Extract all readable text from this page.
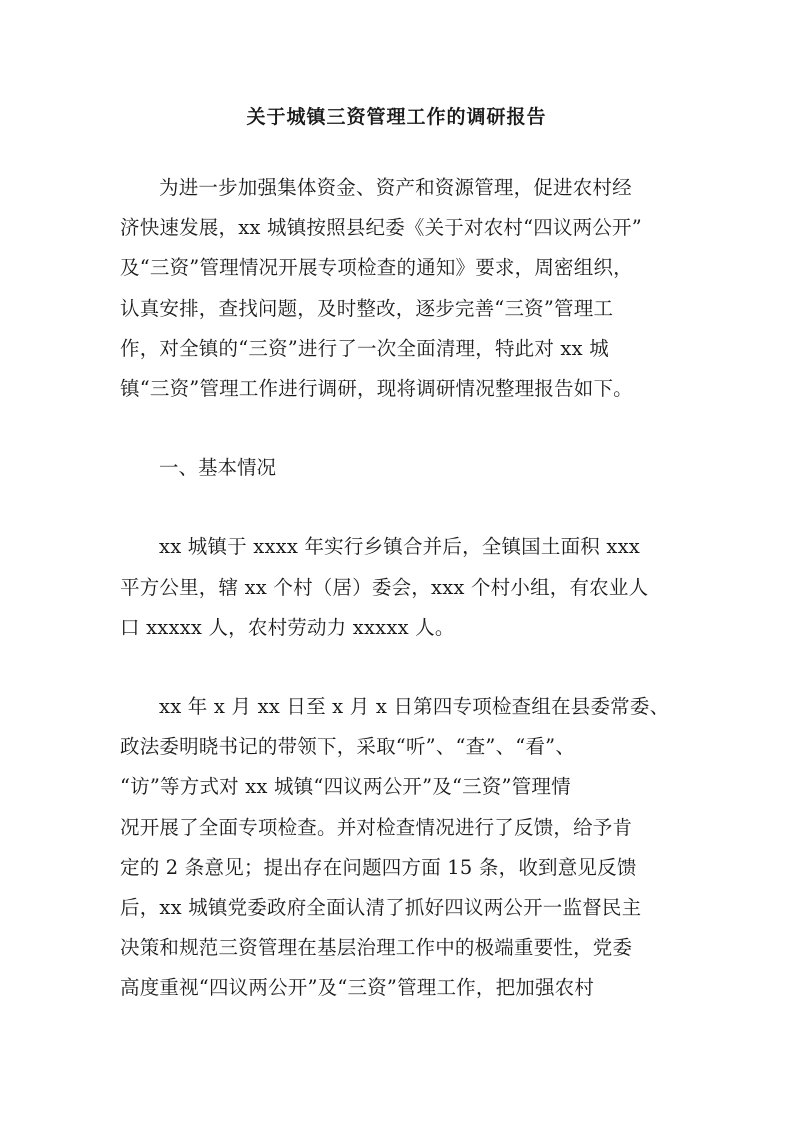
关于城镇三资管理工作的调研报告

为进一步加强集体资金、资产和资源管理，促进农村经
济快速发展，xx 城镇按照县纪委《关于对农村“四议两公开”
及“三资”管理情况开展专项检查的通知》要求，周密组织，
认真安排，查找问题，及时整改，逐步完善“三资”管理工
作，对全镇的“三资”进行了一次全面清理，特此对 xx 城
镇“三资”管理工作进行调研，现将调研情况整理报告如下。

一、基本情况

xx 城镇于 xxxx 年实行乡镇合并后，全镇国土面积 xxx
平方公里，辖 xx 个村（居）委会，xxx 个村小组，有农业人
口 xxxxx 人，农村劳动力 xxxxx 人。

xx 年 x 月 xx 日至 x 月 x 日第四专项检查组在县委常委、
政法委明晓书记的带领下，采取“听”、“查”、“看”、
“访”等方式对 xx 城镇“四议两公开”及“三资”管理情
况开展了全面专项检查。并对检查情况进行了反馈，给予肯
定的 2 条意见；提出存在问题四方面 15 条，收到意见反馈
后，xx 城镇党委政府全面认清了抓好四议两公开一监督民主
决策和规范三资管理在基层治理工作中的极端重要性，党委
高度重视“四议两公开”及“三资”管理工作，把加强农村
